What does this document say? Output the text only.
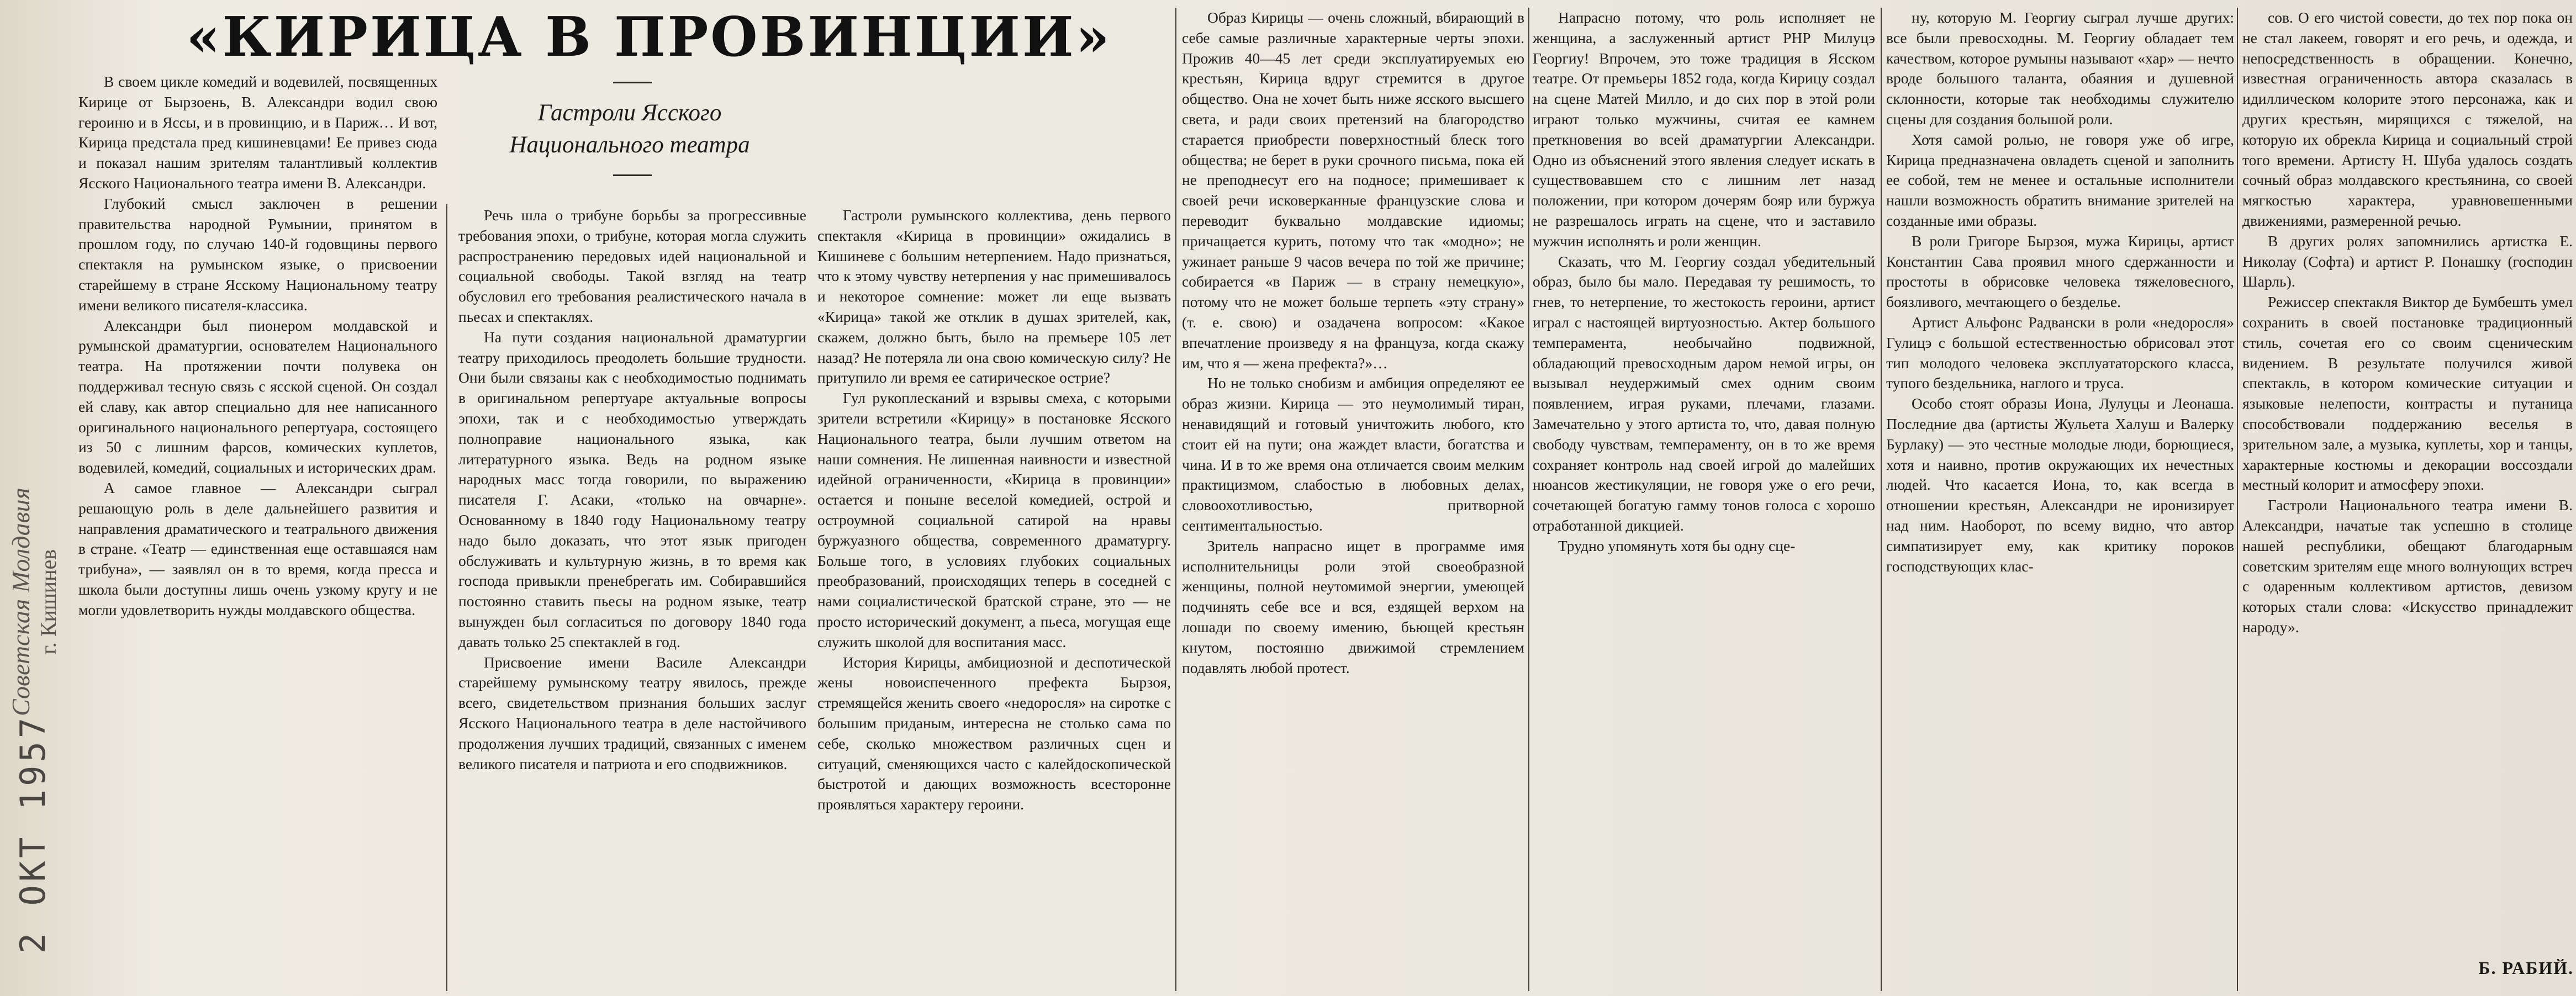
Советская Молдавия г. Кишинев
2 ОКТ 1957
«КИРИЦА В ПРОВИНЦИИ»
Гастроли Ясского Национального театра

В своем цикле комедий и водевилей, посвященных Кирице от Бырзоень, В. Александри водил свою героиню и в Яссы, и в провинцию, и в Париж… И вот, Кирица предстала пред кишиневцами! Ее привез сюда и показал нашим зрителям талантливый коллектив Ясского Национального театра имени В. Александри.

Глубокий смысл заключен в решении правительства народной Румынии, принятом в прошлом году, по случаю 140-й годовщины первого спектакля на румынском языке, о присвоении старейшему в стране Ясскому Национальному театру имени великого писателя-классика.

Александри был пионером молдавской и румынской драматургии, основателем Национального театра. На протяжении почти полувека он поддерживал тесную связь с ясской сценой. Он создал ей славу, как автор специально для нее написанного оригинального национального репертуара, состоящего из 50 с лишним фарсов, комических куплетов, водевилей, комедий, социальных и исторических драм.

А самое главное — Александри сыграл решающую роль в деле дальнейшего развития и направления драматического и театрального движения в стране. «Театр — единственная еще оставшаяся нам трибуна», — заявлял он в то время, когда пресса и школа были доступны лишь очень узкому кругу и не могли удовлетворить нужды молдавского общества.

Речь шла о трибуне борьбы за прогрессивные требования эпохи, о трибуне, которая могла служить распространению передовых идей национальной и социальной свободы. Такой взгляд на театр обусловил его требования реалистического начала в пьесах и спектаклях.

На пути создания национальной драматургии театру приходилось преодолеть большие трудности. Они были связаны как с необходимостью поднимать в оригинальном репертуаре актуальные вопросы эпохи, так и с необходимостью утверждать полноправие национального языка, как литературного языка. Ведь на родном языке народных масс тогда говорили, по выражению писателя Г. Асаки, «только на овчарне». Основанному в 1840 году Национальному театру надо было доказать, что этот язык пригоден обслуживать и культурную жизнь, в то время как господа привыкли пренебрегать им. Собиравшийся постоянно ставить пьесы на родном языке, театр вынужден был согласиться по договору 1840 года давать только 25 спектаклей в год.

Присвоение имени Василе Александри старейшему румынскому театру явилось, прежде всего, свидетельством признания больших заслуг Ясского Национального театра в деле настойчивого продолжения лучших традиций, связанных с именем великого писателя и патриота и его сподвижников.

Гастроли румынского коллектива, день первого спектакля «Кирица в провинции» ожидались в Кишиневе с большим нетерпением. Надо признаться, что к этому чувству нетерпения у нас примешивалось и некоторое сомнение: может ли еще вызвать «Кирица» такой же отклик в душах зрителей, как, скажем, должно быть, было на премьере 105 лет назад? Не потеряла ли она свою комическую силу? Не притупило ли время ее сатирическое острие?

Гул рукоплесканий и взрывы смеха, с которыми зрители встретили «Кирицу» в постановке Ясского Национального театра, были лучшим ответом на наши сомнения. Не лишенная наивности и известной идейной ограниченности, «Кирица в провинции» остается и поныне веселой комедией, острой и остроумной социальной сатирой на нравы буржуазного общества, современного драматургу. Больше того, в условиях глубоких социальных преобразований, происходящих теперь в соседней с нами социалистической братской стране, это — не просто исторический документ, а пьеса, могущая еще служить школой для воспитания масс.

История Кирицы, амбициозной и деспотической жены новоиспеченного префекта Бырзоя, стремящейся женить своего «недоросля» на сиротке с большим приданым, интересна не столько сама по себе, сколько множеством различных сцен и ситуаций, сменяющихся часто с калейдоскопической быстротой и дающих возможность всесторонне проявляться характеру героини.

Образ Кирицы — очень сложный, вбирающий в себе самые различные характерные черты эпохи. Прожив 40—45 лет среди эксплуатируемых ею крестьян, Кирица вдруг стремится в другое общество. Она не хочет быть ниже ясского высшего света, и ради своих претензий на благородство старается приобрести поверхностный блеск того общества; не берет в руки срочного письма, пока ей не преподнесут его на подносе; примешивает к своей речи исковерканные французские слова и переводит буквально молдавские идиомы; причащается курить, потому что так «модно»; не ужинает раньше 9 часов вечера по той же причине; собирается «в Париж — в страну немецкую», потому что не может больше терпеть «эту страну» (т. е. свою) и озадачена вопросом: «Какое впечатление произведу я на француза, когда скажу им, что я — жена префекта?»…

Но не только снобизм и амбиция определяют ее образ жизни. Кирица — это неумолимый тиран, ненавидящий и готовый уничтожить любого, кто стоит ей на пути; она жаждет власти, богатства и чина. И в то же время она отличается своим мелким практицизмом, слабостью в любовных делах, словоохотливостью, притворной сентиментальностью.

Зритель напрасно ищет в программе имя исполнительницы роли этой своеобразной женщины, полной неутомимой энергии, умеющей подчинять себе все и вся, ездящей верхом на лошади по своему имению, бьющей крестьян кнутом, постоянно движимой стремлением подавлять любой протест.

Напрасно потому, что роль исполняет не женщина, а заслуженный артист РНР Милуцэ Георгиу! Впрочем, это тоже традиция в Ясском театре. От премьеры 1852 года, когда Кирицу создал на сцене Матей Милло, и до сих пор в этой роли играют только мужчины, считая ее камнем преткновения во всей драматургии Александри. Одно из объяснений этого явления следует искать в существовавшем сто с лишним лет назад положении, при котором дочерям бояр или буржуа не разрешалось играть на сцене, что и заставило мужчин исполнять и роли женщин.

Сказать, что М. Георгиу создал убедительный образ, было бы мало. Передавая ту решимость, то гнев, то нетерпение, то жестокость героини, артист играл с настоящей виртуозностью. Актер большого темперамента, необычайно подвижной, обладающий превосходным даром немой игры, он вызывал неудержимый смех одним своим появлением, играя руками, плечами, глазами. Замечательно у этого артиста то, что, давая полную свободу чувствам, темпераменту, он в то же время сохраняет контроль над своей игрой до малейших нюансов жестикуляции, не говоря уже о его речи, сочетающей богатую гамму тонов голоса с хорошо отработанной дикцией.

Трудно упомянуть хотя бы одну сце-

ну, которую М. Георгиу сыграл лучше других: все были превосходны. М. Георгиу обладает тем качеством, которое румыны называют «хар» — нечто вроде большого таланта, обаяния и душевной склонности, которые так необходимы служителю сцены для создания большой роли.

Хотя самой ролью, не говоря уже об игре, Кирица предназначена овладеть сценой и заполнить ее собой, тем не менее и остальные исполнители нашли возможность обратить внимание зрителей на созданные ими образы.

В роли Григоре Бырзоя, мужа Кирицы, артист Константин Сава проявил много сдержанности и простоты в обрисовке человека тяжеловесного, боязливого, мечтающего о безделье.

Артист Альфонс Радвански в роли «недоросля» Гулицэ с большой естественностью обрисовал этот тип молодого человека эксплуататорского класса, тупого бездельника, наглого и труса.

Особо стоят образы Иона, Лулуцы и Леонаша. Последние два (артисты Жульета Халуш и Валерку Бурлаку) — это честные молодые люди, борющиеся, хотя и наивно, против окружающих их нечестных людей. Что касается Иона, то, как всегда в отношении крестьян, Александри не иронизирует над ним. Наоборот, по всему видно, что автор симпатизирует ему, как критику пороков господствующих клас-

сов. О его чистой совести, до тех пор пока он не стал лакеем, говорят и его речь, и одежда, и непосредственность в обращении. Конечно, известная ограниченность автора сказалась в идиллическом колорите этого персонажа, как и других крестьян, мирящихся с тяжелой, на которую их обрекла Кирица и социальный строй того времени. Артисту Н. Шуба удалось создать сочный образ молдавского крестьянина, со своей мягкостью характера, уравновешенными движениями, размеренной речью.

В других ролях запомнились артистка Е. Николау (Софта) и артист Р. Понашку (господин Шарль).

Режиссер спектакля Виктор де Бумбешть умел сохранить в своей постановке традиционный стиль, сочетая его со своим сценическим видением. В результате получился живой спектакль, в котором комические ситуации и языковые нелепости, контрасты и путаница способствовали поддержанию веселья в зрительном зале, а музыка, куплеты, хор и танцы, характерные костюмы и декорации воссоздали местный колорит и атмосферу эпохи.

Гастроли Национального театра имени В. Александри, начатые так успешно в столице нашей республики, обещают благодарным советским зрителям еще много волнующих встреч с одаренным коллективом артистов, девизом которых стали слова: «Искусство принадлежит народу».

Б. РАБИЙ.
